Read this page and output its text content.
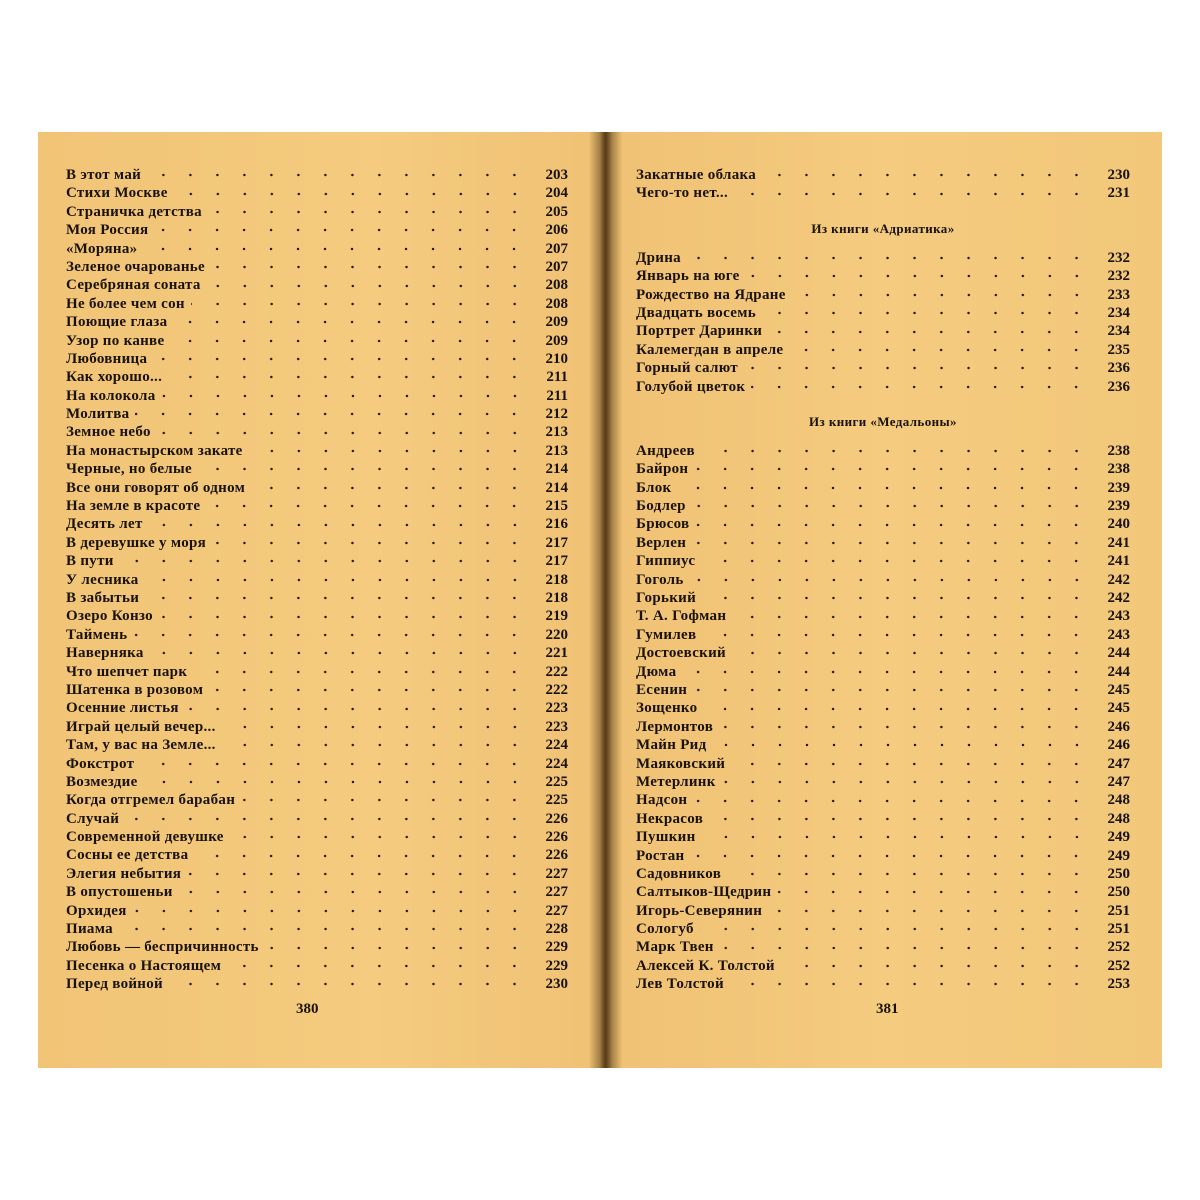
В этот май	203
Стихи Москве	204
Страничка детства	205
Моя Россия	206
«Моряна»	207
Зеленое очарованье	207
Серебряная соната	208
Не более чем сон	208
Поющие глаза	209
Узор по канве	209
Любовница	210
Как хорошо...	211
На колокола	211
Молитва	212
Земное небо	213
На монастырском закате	213
Черные, но белые	214
Все они говорят об одном	214
На земле в красоте	215
Десять лет	216
В деревушке у моря	217
В пути	217
У лесника	218
В забытьи	218
Озеро Конзо	219
Таймень	220
Наверняка	221
Что шепчет парк	222
Шатенка в розовом	222
Осенние листья	223
Играй целый вечер...	223
Там, у вас на Земле...	224
Фокстрот	224
Возмездие	225
Когда отгремел барабан	225
Случай	226
Современной девушке	226
Сосны ее детства	226
Элегия небытия	227
В опустошеньи	227
Орхидея	227
Пиама	228
Любовь — беспричинность	229
Песенка о Настоящем	229
Перед войной	230
380
Закатные облака	230
Чего-то нет...	231
Из книги «Адриатика»
Дрина	232
Январь на юге	232
Рождество на Ядране	233
Двадцать восемь	234
Портрет Даринки	234
Калемегдан в апреле	235
Горный салют	236
Голубой цветок	236
Из книги «Медальоны»
Андреев	238
Байрон	238
Блок	239
Бодлер	239
Брюсов	240
Верлен	241
Гиппиус	241
Гоголь	242
Горький	242
Т. А. Гофман	243
Гумилев	243
Достоевский	244
Дюма	244
Есенин	245
Зощенко	245
Лермонтов	246
Майн Рид	246
Маяковский	247
Метерлинк	247
Надсон	248
Некрасов	248
Пушкин	249
Ростан	249
Садовников	250
Салтыков-Щедрин	250
Игорь-Северянин	251
Сологуб	251
Марк Твен	252
Алексей К. Толстой	252
Лев Толстой	253
381
